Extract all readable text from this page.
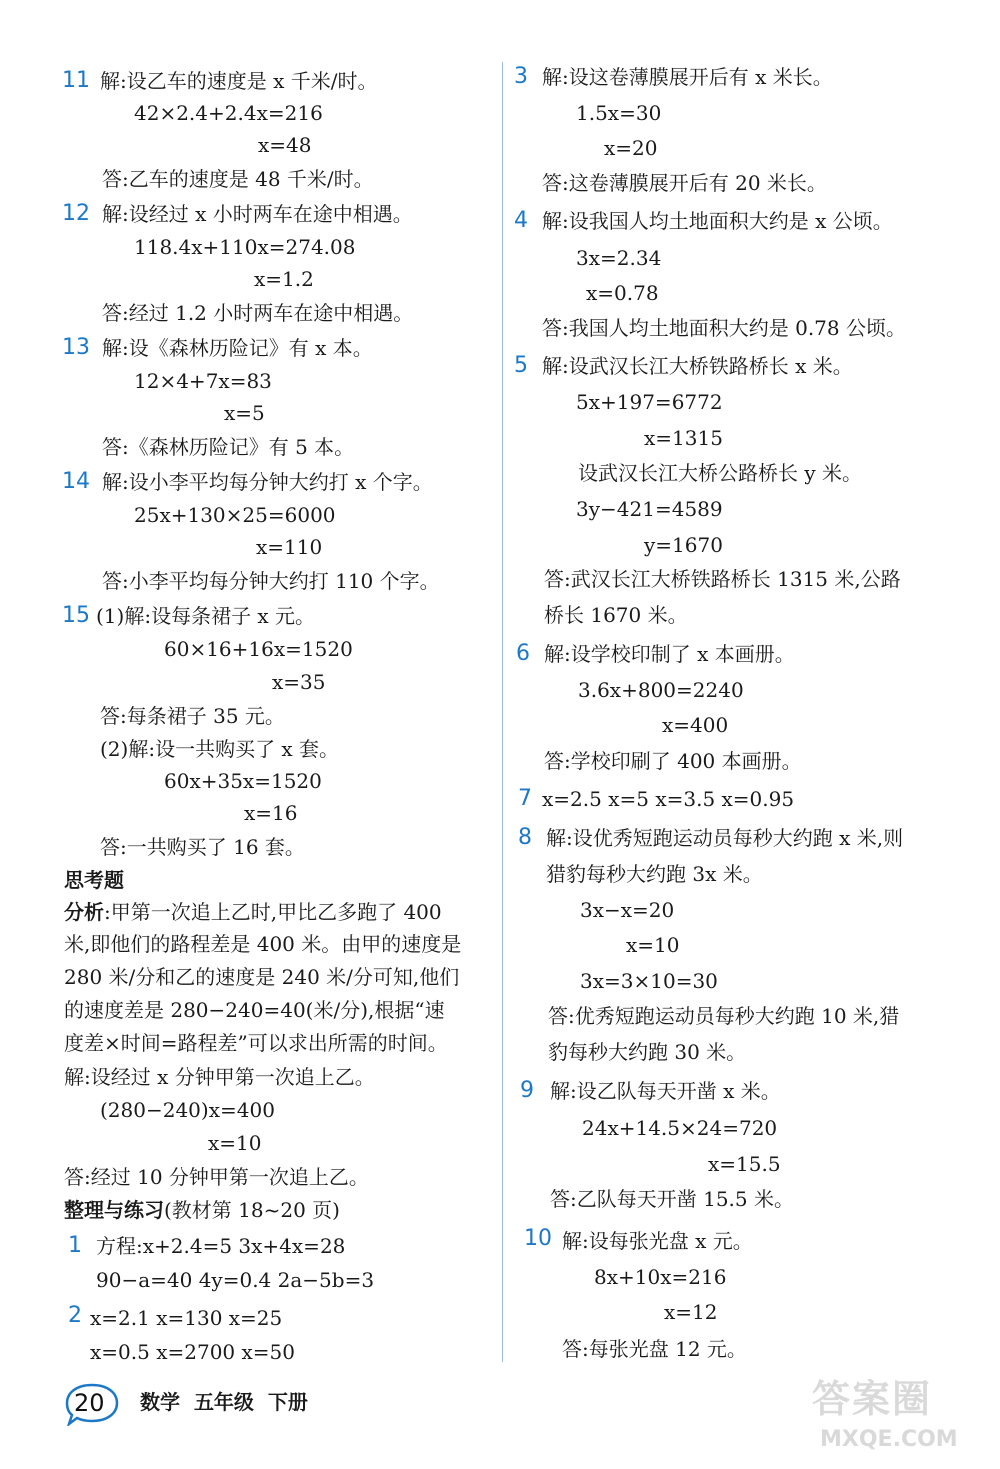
11 解:设乙车的速度是 x 千米/时。
42×2.4+2.4x=216
x=48
答:乙车的速度是 48 千米/时。
12 解:设经过 x 小时两车在途中相遇。
118.4x+110x=274.08
x=1.2
答:经过 1.2 小时两车在途中相遇。
13 解:设《森林历险记》有 x 本。
12×4+7x=83
x=5
答:《森林历险记》有 5 本。
14 解:设小李平均每分钟大约打 x 个字。
25x+130×25=6000
x=110
答:小李平均每分钟大约打 110 个字。
15 (1)解:设每条裙子 x 元。
60×16+16x=1520
x=35
答:每条裙子 35 元。
(2)解:设一共购买了 x 套。
60x+35x=1520
x=16
答:一共购买了 16 套。
思考题
分析:甲第一次追上乙时,甲比乙多跑了 400
米,即他们的路程差是 400 米。由甲的速度是
280 米/分和乙的速度是 240 米/分可知,他们
的速度差是 280−240=40(米/分),根据“速
度差×时间=路程差”可以求出所需的时间。
解:设经过 x 分钟甲第一次追上乙。
(280−240)x=400
x=10
答:经过 10 分钟甲第一次追上乙。
整理与练习(教材第 18~20 页)
1 方程:x+2.4=5 3x+4x=28
90−a=40 4y=0.4 2a−5b=3
2 x=2.1 x=130 x=25
x=0.5 x=2700 x=50
3 解:设这卷薄膜展开后有 x 米长。
1.5x=30
x=20
答:这卷薄膜展开后有 20 米长。
4 解:设我国人均土地面积大约是 x 公顷。
3x=2.34
x=0.78
答:我国人均土地面积大约是 0.78 公顷。
5 解:设武汉长江大桥铁路桥长 x 米。
5x+197=6772
x=1315
设武汉长江大桥公路桥长 y 米。
3y−421=4589
y=1670
答:武汉长江大桥铁路桥长 1315 米,公路
桥长 1670 米。
6 解:设学校印制了 x 本画册。
3.6x+800=2240
x=400
答:学校印刷了 400 本画册。
7 x=2.5 x=5 x=3.5 x=0.95
8 解:设优秀短跑运动员每秒大约跑 x 米,则
猎豹每秒大约跑 3x 米。
3x−x=20
x=10
3x=3×10=30
答:优秀短跑运动员每秒大约跑 10 米,猎
豹每秒大约跑 30 米。
9 解:设乙队每天开凿 x 米。
24x+14.5×24=720
x=15.5
答:乙队每天开凿 15.5 米。
10 解:设每张光盘 x 元。
8x+10x=216
x=12
答:每张光盘 12 元。
20 数学 五年级 下册	答案圈
MXQE.COM
